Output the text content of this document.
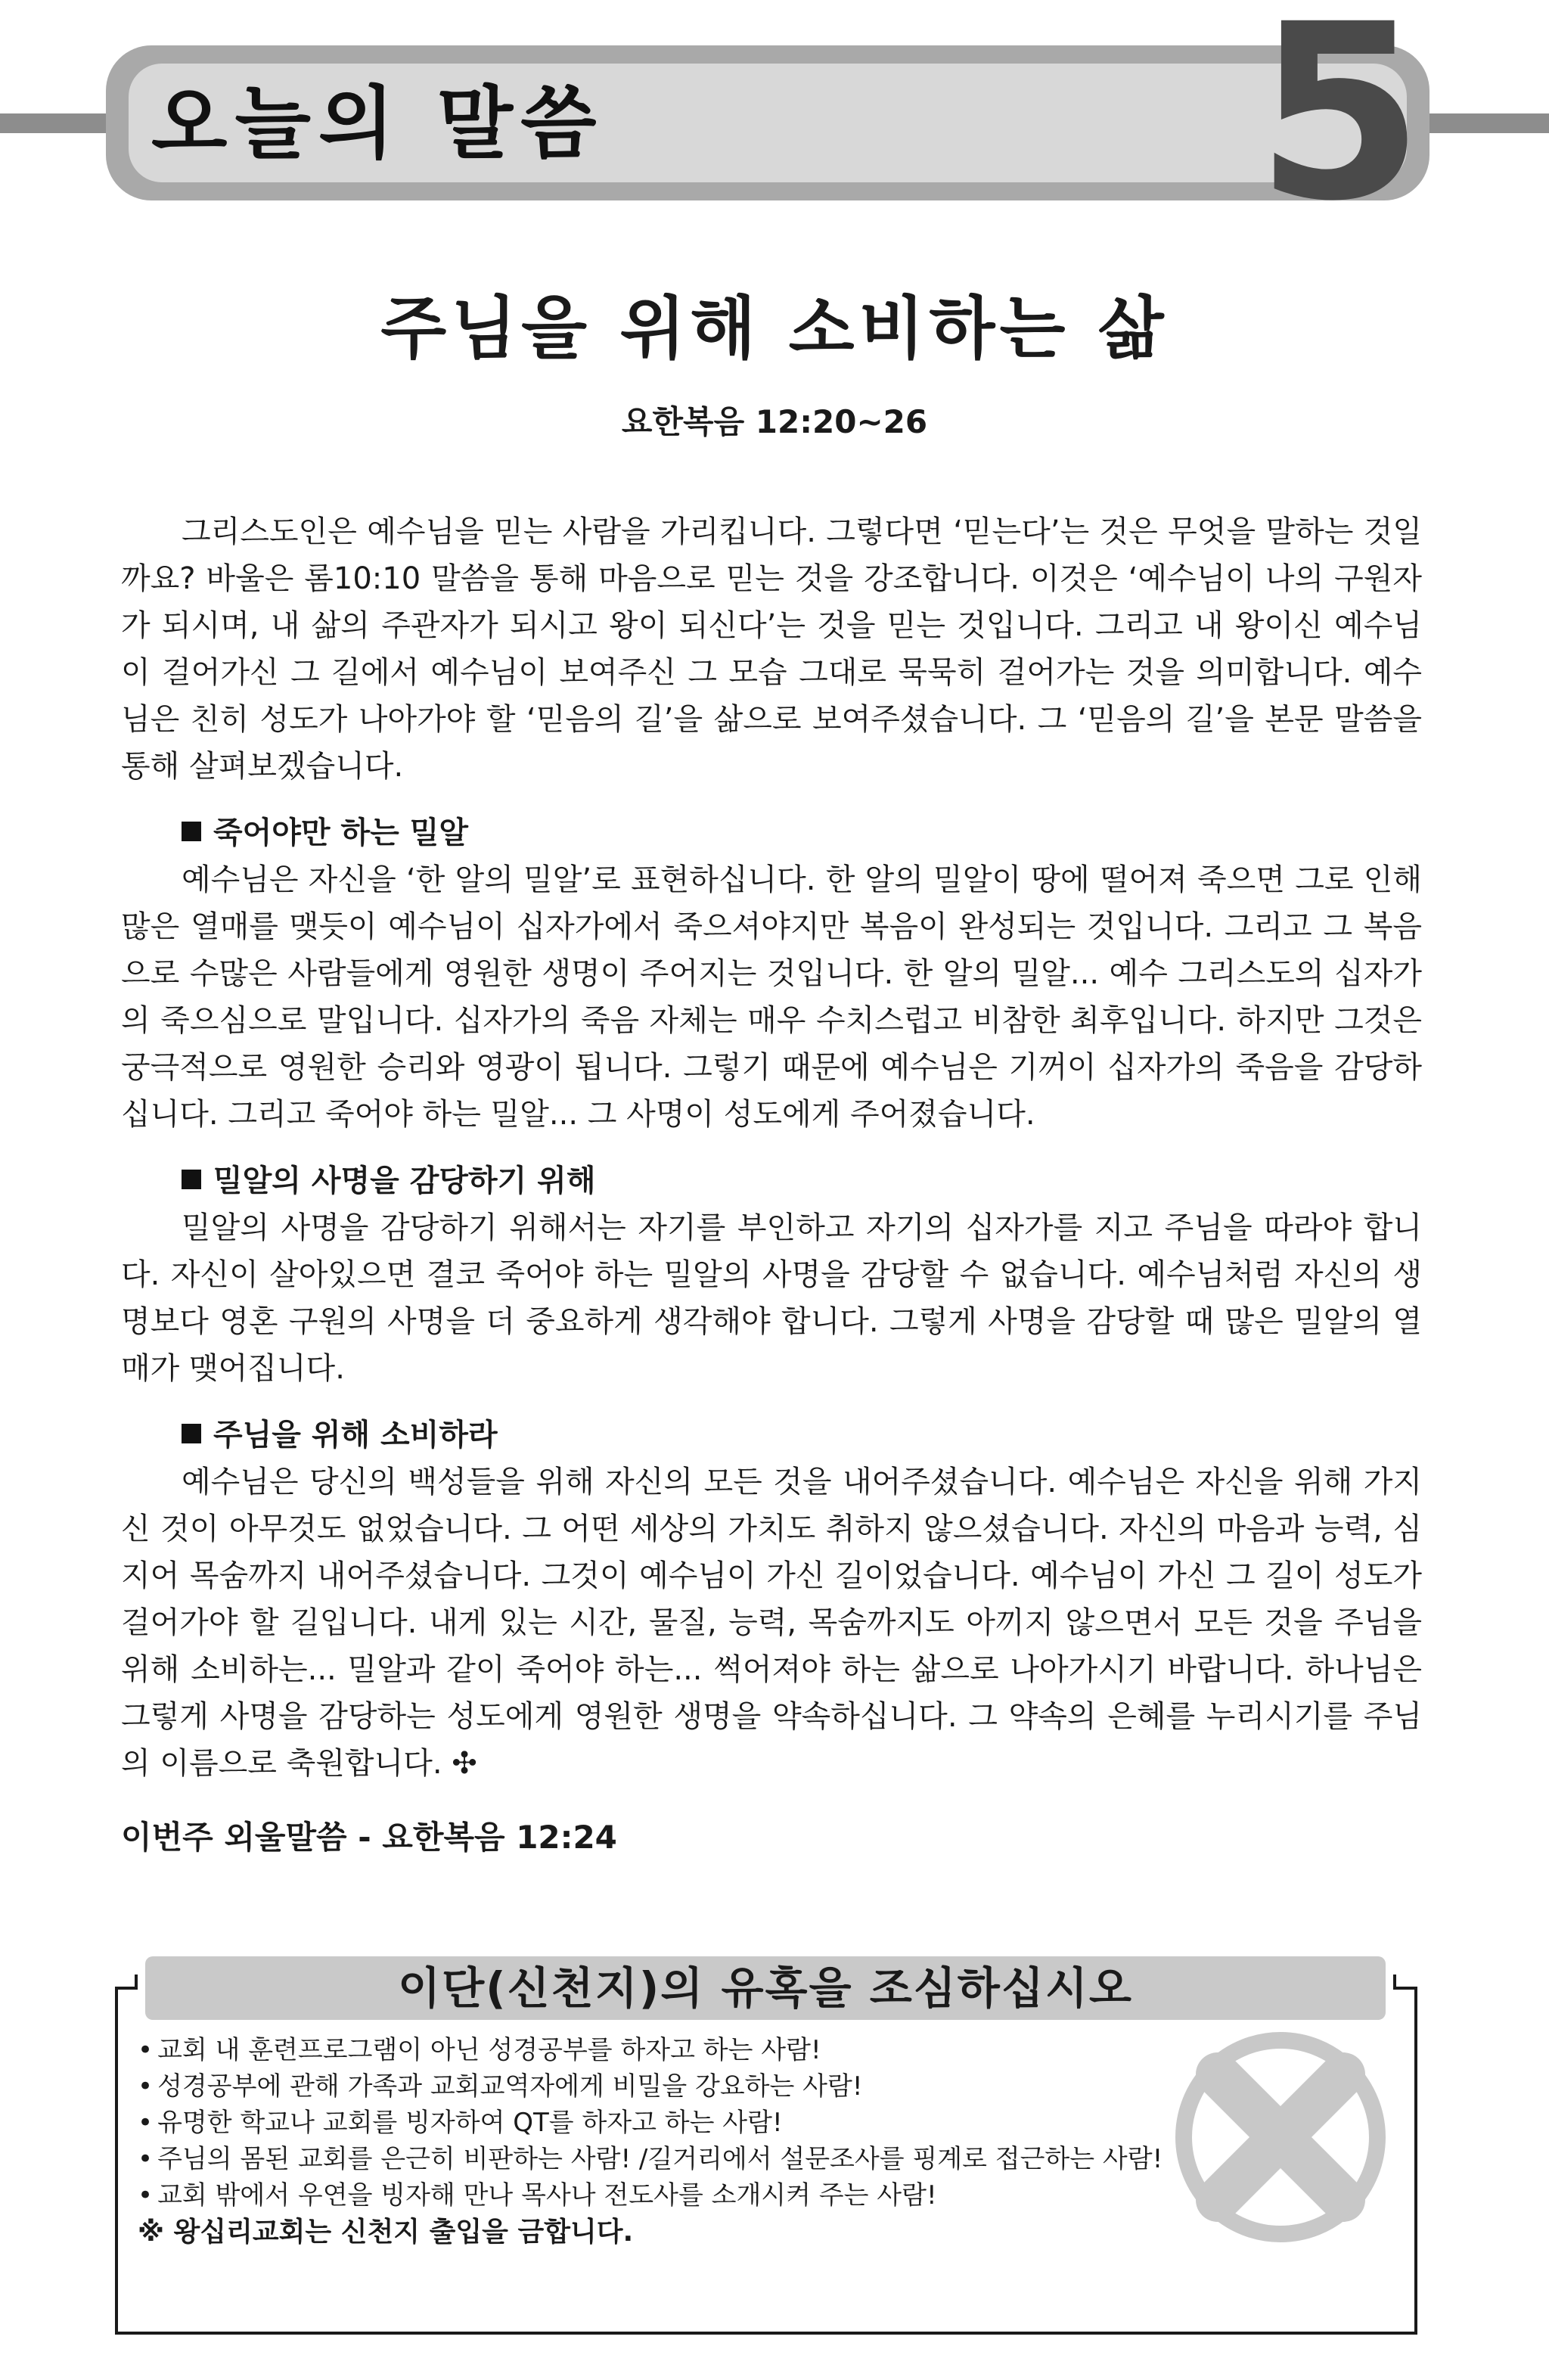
오늘의 말씀	5
주님을 위해 소비하는 삶
요한복음 12:20~26

그리스도인은 예수님을 믿는 사람을 가리킵니다. 그렇다면 ‘믿는다’는 것은 무엇을 말하는 것일까요? 바울은 롬10:10 말씀을 통해 마음으로 믿는 것을 강조합니다. 이것은 ‘예수님이 나의 구원자가 되시며, 내 삶의 주관자가 되시고 왕이 되신다’는 것을 믿는 것입니다. 그리고 내 왕이신 예수님이 걸어가신 그 길에서 예수님이 보여주신 그 모습 그대로 묵묵히 걸어가는 것을 의미합니다. 예수님은 친히 성도가 나아가야 할 ‘믿음의 길’을 삶으로 보여주셨습니다. 그 ‘믿음의 길’을 본문 말씀을 통해 살펴보겠습니다.

죽어야만 하는 밀알

예수님은 자신을 ‘한 알의 밀알’로 표현하십니다. 한 알의 밀알이 땅에 떨어져 죽으면 그로 인해 많은 열매를 맺듯이 예수님이 십자가에서 죽으셔야지만 복음이 완성되는 것입니다. 그리고 그 복음으로 수많은 사람들에게 영원한 생명이 주어지는 것입니다. 한 알의 밀알... 예수 그리스도의 십자가의 죽으심으로 말입니다. 십자가의 죽음 자체는 매우 수치스럽고 비참한 최후입니다. 하지만 그것은 궁극적으로 영원한 승리와 영광이 됩니다. 그렇기 때문에 예수님은 기꺼이 십자가의 죽음을 감당하십니다. 그리고 죽어야 하는 밀알... 그 사명이 성도에게 주어졌습니다.

밀알의 사명을 감당하기 위해

밀알의 사명을 감당하기 위해서는 자기를 부인하고 자기의 십자가를 지고 주님을 따라야 합니다. 자신이 살아있으면 결코 죽어야 하는 밀알의 사명을 감당할 수 없습니다. 예수님처럼 자신의 생명보다 영혼 구원의 사명을 더 중요하게 생각해야 합니다. 그렇게 사명을 감당할 때 많은 밀알의 열매가 맺어집니다.

주님을 위해 소비하라

예수님은 당신의 백성들을 위해 자신의 모든 것을 내어주셨습니다. 예수님은 자신을 위해 가지신 것이 아무것도 없었습니다. 그 어떤 세상의 가치도 취하지 않으셨습니다. 자신의 마음과 능력, 심지어 목숨까지 내어주셨습니다. 그것이 예수님이 가신 길이었습니다. 예수님이 가신 그 길이 성도가 걸어가야 할 길입니다. 내게 있는 시간, 물질, 능력, 목숨까지도 아끼지 않으면서 모든 것을 주님을 위해 소비하는... 밀알과 같이 죽어야 하는... 썩어져야 하는 삶으로 나아가시기 바랍니다. 하나님은 그렇게 사명을 감당하는 성도에게 영원한 생명을 약속하십니다. 그 약속의 은혜를 누리시기를 주님의 이름으로 축원합니다. ✣

이번주 외울말씀 - 요한복음 12:24
이단(신천지)의 유혹을 조심하십시오
• 교회 내 훈련프로그램이 아닌 성경공부를 하자고 하는 사람!
• 성경공부에 관해 가족과 교회교역자에게 비밀을 강요하는 사람!
• 유명한 학교나 교회를 빙자하여 QT를 하자고 하는 사람!
• 주님의 몸된 교회를 은근히 비판하는 사람! /길거리에서 설문조사를 핑계로 접근하는 사람!
• 교회 밖에서 우연을 빙자해 만나 목사나 전도사를 소개시켜 주는 사람!
※ 왕십리교회는 신천지 출입을 금합니다.
